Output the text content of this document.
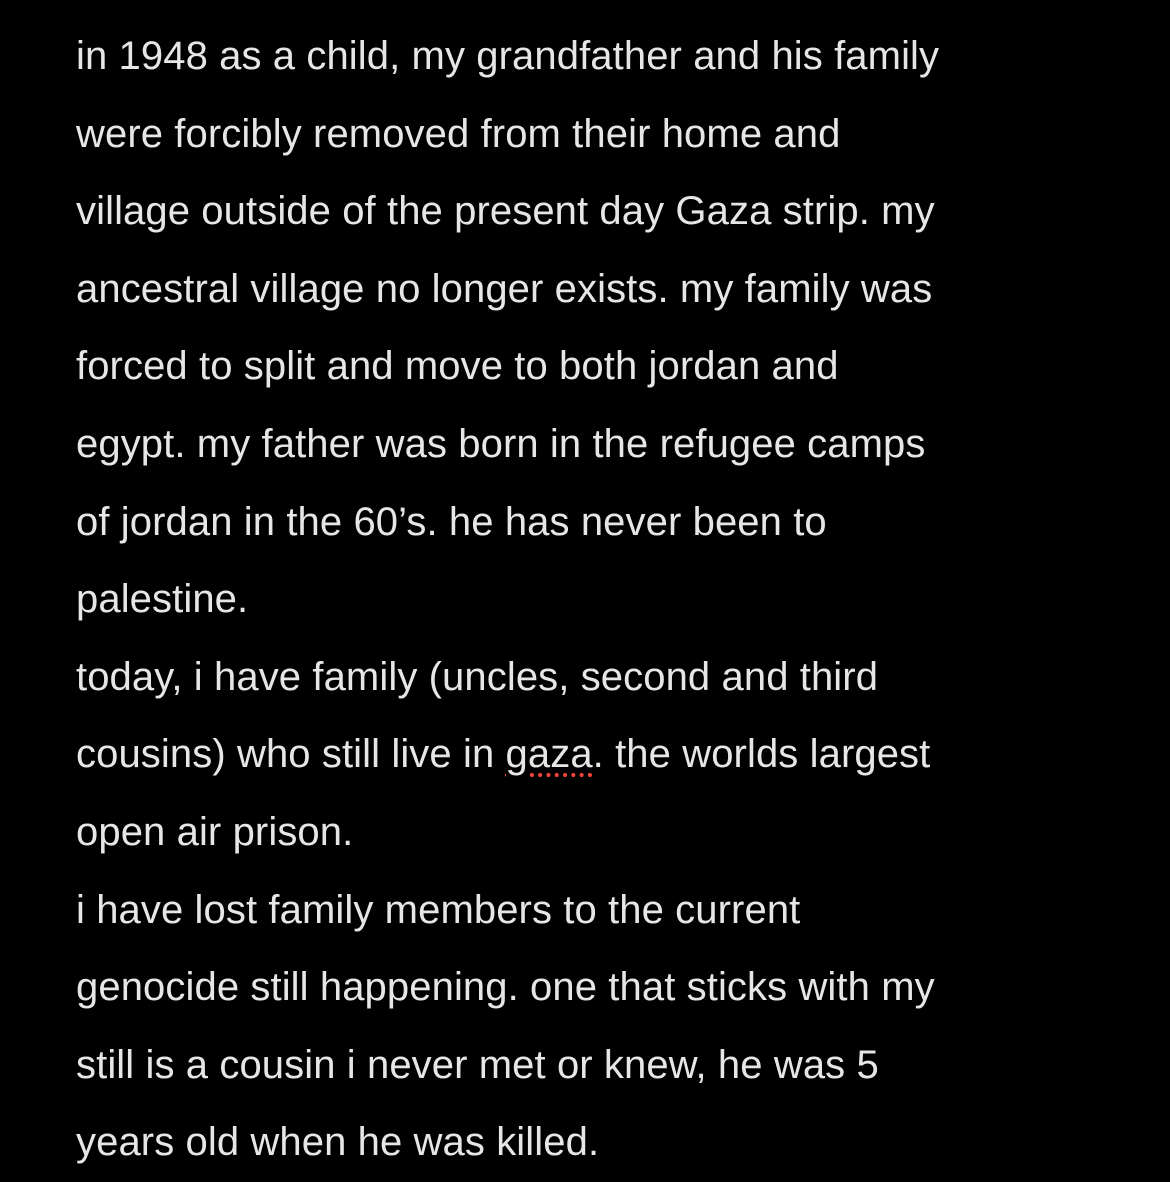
in 1948 as a child, my grandfather and his family
were forcibly removed from their home and
village outside of the present day Gaza strip. my
ancestral village no longer exists. my family was
forced to split and move to both jordan and
egypt. my father was born in the refugee camps
of jordan in the 60’s. he has never been to
palestine.
today, i have family (uncles, second and third
cousins) who still live in gaza. the worlds largest
open air prison.
i have lost family members to the current
genocide still happening. one that sticks with my
still is a cousin i never met or knew, he was 5
years old when he was killed.
